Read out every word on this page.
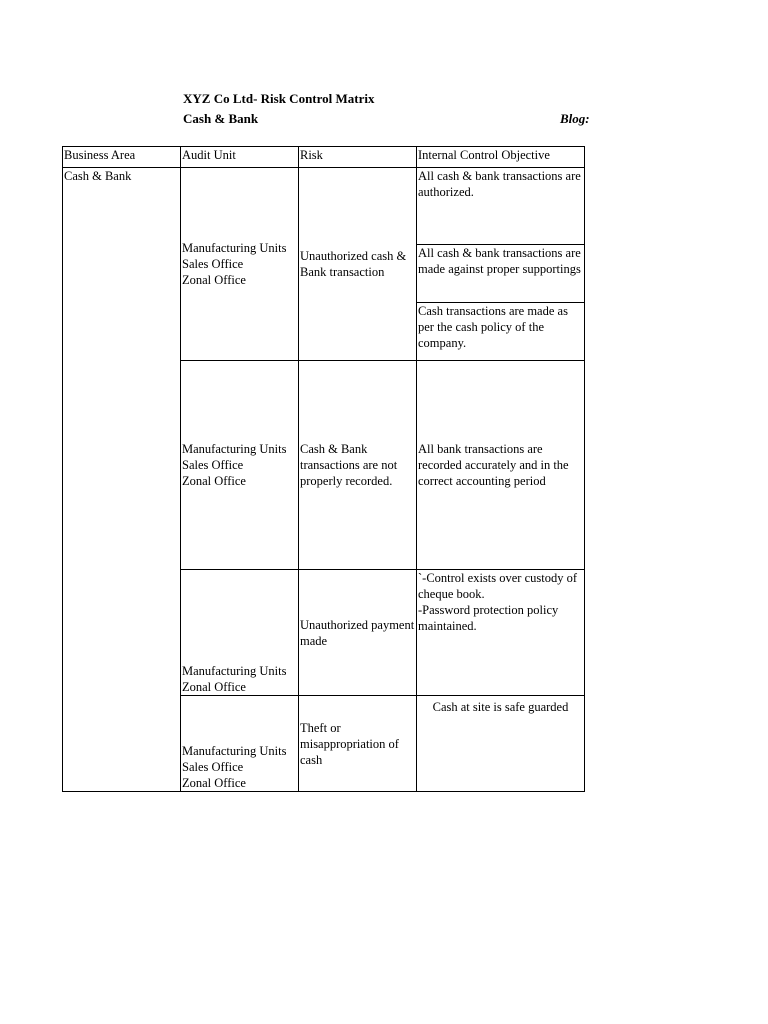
XYZ Co Ltd- Risk Control Matrix
Cash & Bank	Blog:
Business Area	Audit Unit	Risk	Internal Control Objective
Cash & Bank	Manufacturing Units
Sales Office
Zonal Office	Unauthorized cash & Bank transaction	All cash & bank transactions are authorized.

			All cash & bank transactions are made against proper supportings

			Cash transactions are made as per the cash policy of the company.

	Manufacturing Units
Sales Office
Zonal Office	Cash & Bank transactions are not properly recorded.	All bank transactions are recorded accurately and in the correct accounting period

	Manufacturing Units
Zonal Office	Unauthorized payment made	`-Control exists over custody of cheque book.
-Password protection policy maintained.

	Manufacturing Units
Sales Office
Zonal Office	Theft or misappropriation of cash	Cash at site is safe guarded
